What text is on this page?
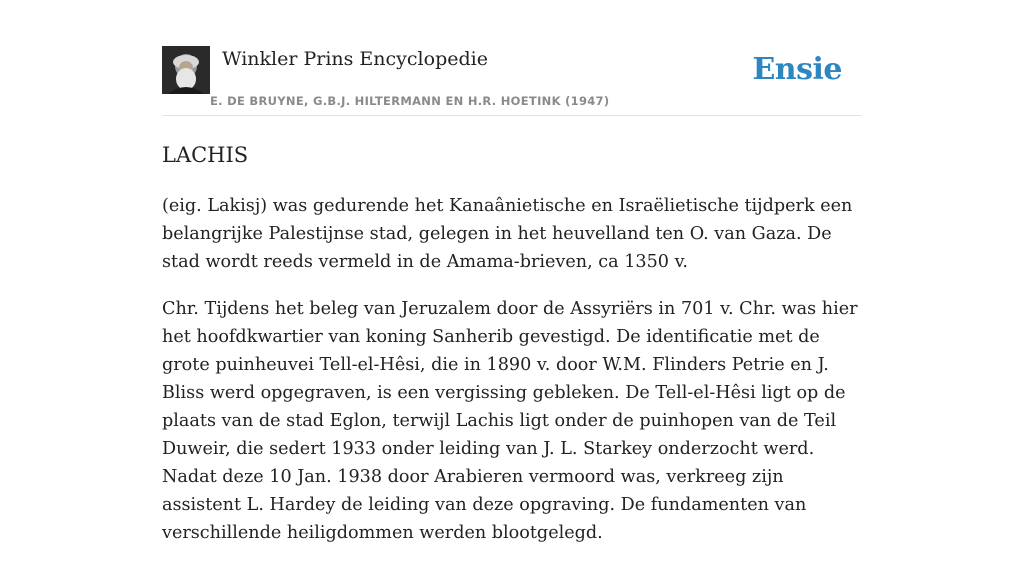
Winkler Prins Encyclopedie
E. DE BRUYNE, G.B.J. HILTERMANN EN H.R. HOETINK (1947)
Ensie
LACHIS

(eig. Lakisj) was gedurende het Kanaânietische en Israëlietische tijdperk een belangrijke Palestijnse stad, gelegen in het heuvelland ten O. van Gaza. De stad wordt reeds vermeld in de Amama-brieven, ca 1350 v.

Chr. Tijdens het beleg van Jeruzalem door de Assyriërs in 701 v. Chr. was hier het hoofdkwartier van koning Sanherib gevestigd. De identificatie met de grote puinheuvei Tell-el-Hêsi, die in 1890 v. door W.M. Flinders Petrie en J. Bliss werd opgegraven, is een vergissing gebleken. De Tell-el-Hêsi ligt op de plaats van de stad Eglon, terwijl Lachis ligt onder de puinhopen van de Teil Duweir, die sedert 1933 onder leiding van J. L. Starkey onderzocht werd. Nadat deze 10 Jan. 1938 door Arabieren vermoord was, verkreeg zijn assistent L. Hardey de leiding van deze opgraving. De fundamenten van verschillende heiligdommen werden blootgelegd.
